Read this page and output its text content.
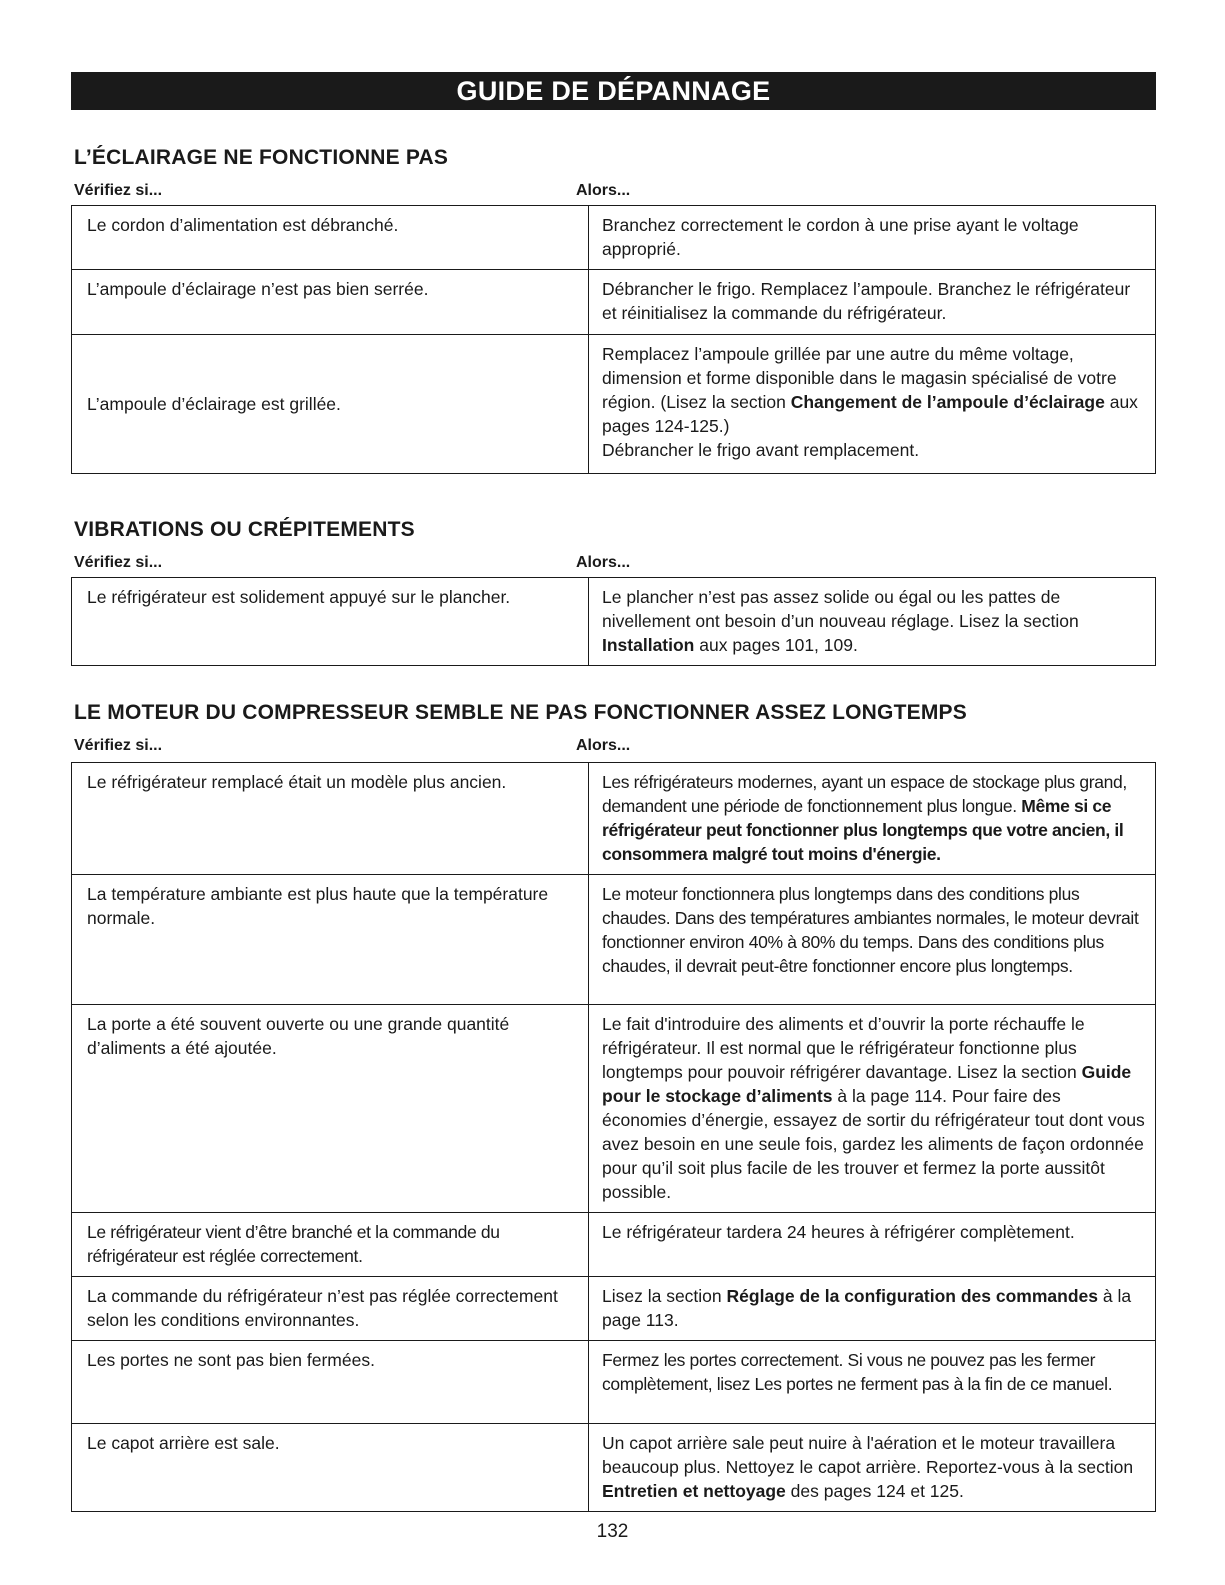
GUIDE DE DÉPANNAGE
L’ÉCLAIRAGE NE FONCTIONNE PAS
Vérifiez si...	Alors...
Le cordon d’alimentation est débranché.	Branchez correctement le cordon à une prise ayant le voltage approprié.
L’ampoule d’éclairage n’est pas bien serrée.	Débrancher le frigo. Remplacez l’ampoule. Branchez le réfrigérateur et réinitialisez la commande du réfrigérateur.
L’ampoule d’éclairage est grillée.	Remplacez l’ampoule grillée par une autre du même voltage, dimension et forme disponible dans le magasin spécialisé de votre région. (Lisez la section Changement de l’ampoule d’éclairage aux pages 124-125.)
Débrancher le frigo avant remplacement.
VIBRATIONS OU CRÉPITEMENTS
Vérifiez si...	Alors...
Le réfrigérateur est solidement appuyé sur le plancher.	Le plancher n’est pas assez solide ou égal ou les pattes de nivellement ont besoin d’un nouveau réglage. Lisez la section Installation aux pages 101, 109.
LE MOTEUR DU COMPRESSEUR SEMBLE NE PAS FONCTIONNER ASSEZ LONGTEMPS
Vérifiez si...	Alors...
Le réfrigérateur remplacé était un modèle plus ancien.	Les réfrigérateurs modernes, ayant un espace de stockage plus grand, demandent une période de fonctionnement plus longue. Même si ce réfrigérateur peut fonctionner plus longtemps que votre ancien, il consommera malgré tout moins d'énergie.
La température ambiante est plus haute que la température normale.	Le moteur fonctionnera plus longtemps dans des conditions plus chaudes. Dans des températures ambiantes normales, le moteur devrait fonctionner environ 40% à 80% du temps. Dans des conditions plus chaudes, il devrait peut-être fonctionner encore plus longtemps.
La porte a été souvent ouverte ou une grande quantité d’aliments a été ajoutée.	Le fait d'introduire des aliments et d’ouvrir la porte réchauffe le réfrigérateur. Il est normal que le réfrigérateur fonctionne plus longtemps pour pouvoir réfrigérer davantage. Lisez la section Guide pour le stockage d’aliments à la page 114. Pour faire des économies d’énergie, essayez de sortir du réfrigérateur tout dont vous avez besoin en une seule fois, gardez les aliments de façon ordonnée pour qu’il soit plus facile de les trouver et fermez la porte aussitôt possible.
Le réfrigérateur vient d’être branché et la commande du réfrigérateur est réglée correctement.	Le réfrigérateur tardera 24 heures à réfrigérer complètement.
La commande du réfrigérateur n’est pas réglée correctement selon les conditions environnantes.	Lisez la section Réglage de la configuration des commandes à la page 113.
Les portes ne sont pas bien fermées.	Fermez les portes correctement. Si vous ne pouvez pas les fermer complètement, lisez Les portes ne ferment pas à la fin de ce manuel.
Le capot arrière est sale.	Un capot arrière sale peut nuire à l'aération et le moteur travaillera beaucoup plus. Nettoyez le capot arrière. Reportez-vous à la section Entretien et nettoyage des pages 124 et 125.
132
